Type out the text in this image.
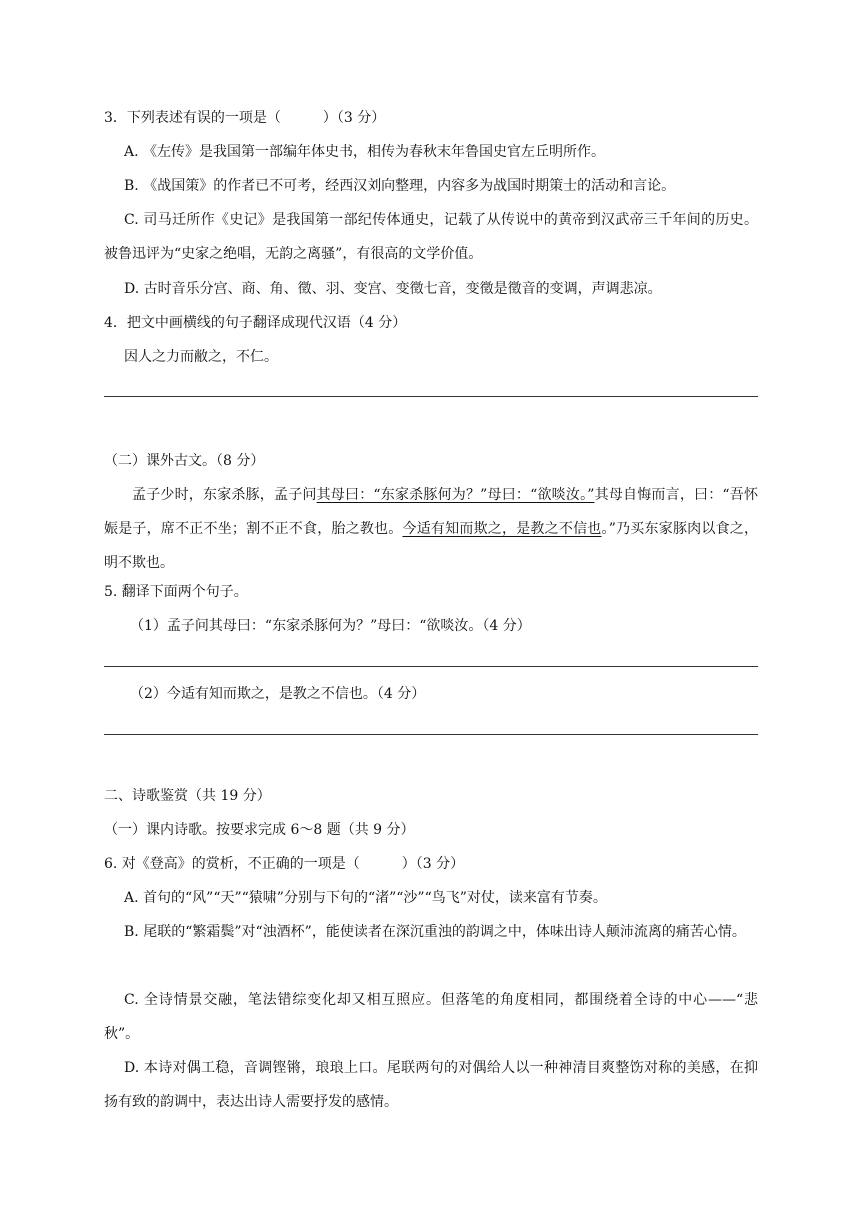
3．下列表述有误的一项是（　　　）（3 分）
A. 《左传》是我国第一部编年体史书，相传为春秋末年鲁国史官左丘明所作。
B. 《战国策》的作者已不可考，经西汉刘向整理，内容多为战国时期策士的活动和言论。
C. 司马迁所作《史记》是我国第一部纪传体通史，记载了从传说中的黄帝到汉武帝三千年间的历史。被鲁迅评为“史家之绝唱，无韵之离骚”，有很高的文学价值。
D. 古时音乐分宫、商、角、徵、羽、变宫、变徵七音，变徵是徵音的变调，声调悲凉。
4．把文中画横线的句子翻译成现代汉语（4 分）
因人之力而敝之，不仁。
（二）课外古文。（8 分）
孟子少时，东家杀豚，孟子问其母曰：“东家杀豚何为？”母曰：“欲啖汝。”其母自悔而言，曰：“吾怀娠是子，席不正不坐；割不正不食，胎之教也。今适有知而欺之，是教之不信也。”乃买东家豚肉以食之，明不欺也。
5. 翻译下面两个句子。
（1）孟子问其母曰：“东家杀豚何为？”母曰：“欲啖汝。（4 分）
（2）今适有知而欺之，是教之不信也。（4 分）
二、诗歌鉴赏（共 19 分）
（一）课内诗歌。按要求完成 6～8 题（共 9 分）
6. 对《登高》的赏析，不正确的一项是（　　　）（3 分）
A. 首句的“风”“天”“猿啸”分别与下句的“渚”“沙”“鸟飞”对仗，读来富有节奏。
B. 尾联的“繁霜鬓”对“浊酒杯”，能使读者在深沉重浊的韵调之中，体味出诗人颠沛流离的痛苦心情。
C. 全诗情景交融，笔法错综变化却又相互照应。但落笔的角度相同，都围绕着全诗的中心——“悲秋”。
D. 本诗对偶工稳，音调铿锵，琅琅上口。尾联两句的对偶给人以一种神清目爽整饬对称的美感，在抑扬有致的韵调中，表达出诗人需要抒发的感情。
